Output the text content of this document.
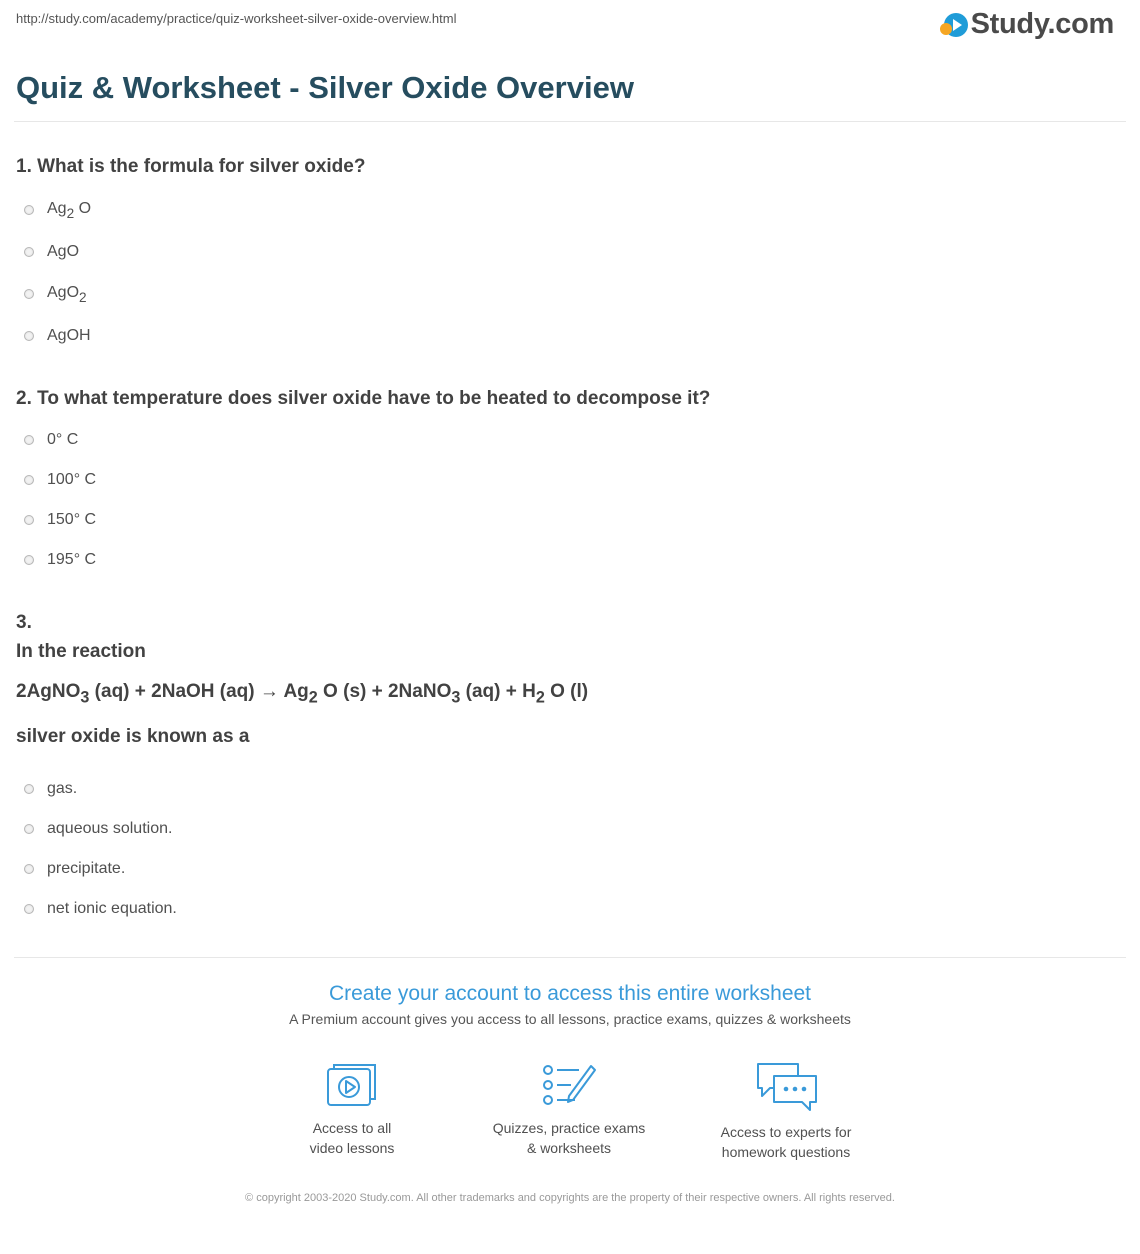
http://study.com/academy/practice/quiz-worksheet-silver-oxide-overview.html	Study.com
Quiz & Worksheet - Silver Oxide Overview

1. What is the formula for silver oxide?

$Ag_2$ O
AgO
AgO$_2$
AgOH

2. To what temperature does silver oxide have to be heated to decompose it?

0° C
100° C
150° C
195° C

3.

In the reaction

2AgNO$_3$ (aq) + 2NaOH $(aq) \to Ag_2$ O (s) + 2NaNO$_3$ $(aq) + H_2$ O (l)

silver oxide is known as a

gas.
aqueous solution.
precipitate.
net ionic equation.
Create your account to access this entire worksheet
A Premium account gives you access to all lessons, practice exams, quizzes & worksheets
Access to all
video lessons
Quizzes, practice exams
& worksheets
Access to experts for
homework questions
© copyright 2003-2020 Study.com. All other trademarks and copyrights are the property of their respective owners. All rights reserved.
